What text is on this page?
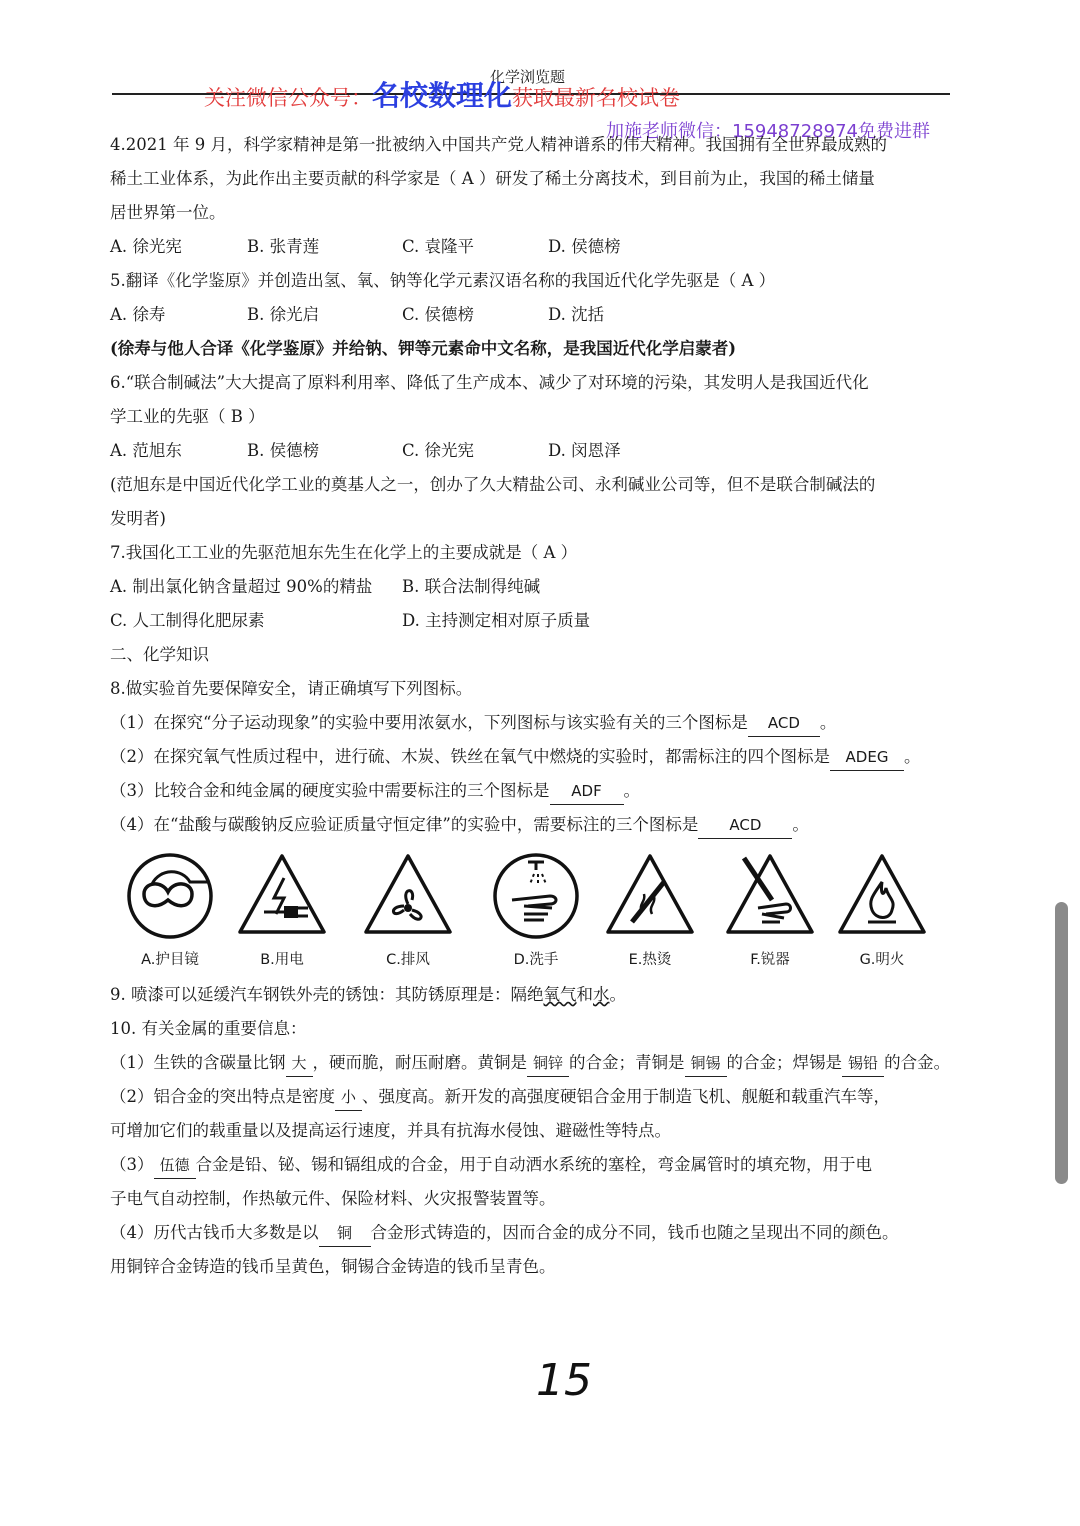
化学浏览题
关注微信公众号：名校数理化获取最新名校试卷
加施老师微信：15948728974免费进群
4.2021 年 9 月，科学家精神是第一批被纳入中国共产党人精神谱系的伟大精神。我国拥有全世界最成熟的
稀土工业体系，为此作出主要贡献的科学家是（ A ）研发了稀土分离技术，到目前为止，我国的稀土储量
居世界第一位。
A. 徐光宪	B. 张青莲	C. 袁隆平	D. 侯德榜
5.翻译《化学鉴原》并创造出氢、氧、钠等化学元素汉语名称的我国近代化学先驱是（ A ）
A. 徐寿	B. 徐光启	C. 侯德榜	D. 沈括
(徐寿与他人合译《化学鉴原》并给钠、钾等元素命中文名称，是我国近代化学启蒙者)
6.“联合制碱法”大大提高了原料利用率、降低了生产成本、减少了对环境的污染，其发明人是我国近代化
学工业的先驱（ B ）
A. 范旭东	B. 侯德榜	C. 徐光宪	D. 闵恩泽
(范旭东是中国近代化学工业的奠基人之一，创办了久大精盐公司、永利碱业公司等，但不是联合制碱法的
发明者)
7.我国化工工业的先驱范旭东先生在化学上的主要成就是（ A ）
A. 制出氯化钠含量超过 90%的精盐	B. 联合法制得纯碱
C. 人工制得化肥尿素	D. 主持测定相对原子质量
二、化学知识
8.做实验首先要保障安全，请正确填写下列图标。
（1）在探究“分子运动现象”的实验中要用浓氨水，下列图标与该实验有关的三个图标是 ACD 。
（2）在探究氧气性质过程中，进行硫、木炭、铁丝在氧气中燃烧的实验时，都需标注的四个图标是 ADEG 。
（3）比较合金和纯金属的硬度实验中需要标注的三个图标是 ADF 。
（4）在“盐酸与碳酸钠反应验证质量守恒定律”的实验中，需要标注的三个图标是 ACD 。
A.护目镜	B.用电	C.排风	D.洗手	E.热烫	F.锐器	G.明火
9. 喷漆可以延缓汽车钢铁外壳的锈蚀：其防锈原理是：隔绝氧气和水。
10. 有关金属的重要信息：
（1）生铁的含碳量比钢 大 ，硬而脆，耐压耐磨。黄铜是 铜锌 的合金；青铜是 铜锡 的合金；焊锡是 锡铅 的合金。
（2）铝合金的突出特点是密度 小 、强度高。新开发的高强度硬铝合金用于制造飞机、舰艇和载重汽车等，
可增加它们的载重量以及提高运行速度，并具有抗海水侵蚀、避磁性等特点。
（3） 伍德 合金是铅、铋、锡和镉组成的合金，用于自动洒水系统的塞栓，弯金属管时的填充物，用于电
子电气自动控制，作热敏元件、保险材料、火灾报警装置等。
（4）历代古钱币大多数是以 铜 合金形式铸造的，因而合金的成分不同，钱币也随之呈现出不同的颜色。
用铜锌合金铸造的钱币呈黄色，铜锡合金铸造的钱币呈青色。
15
